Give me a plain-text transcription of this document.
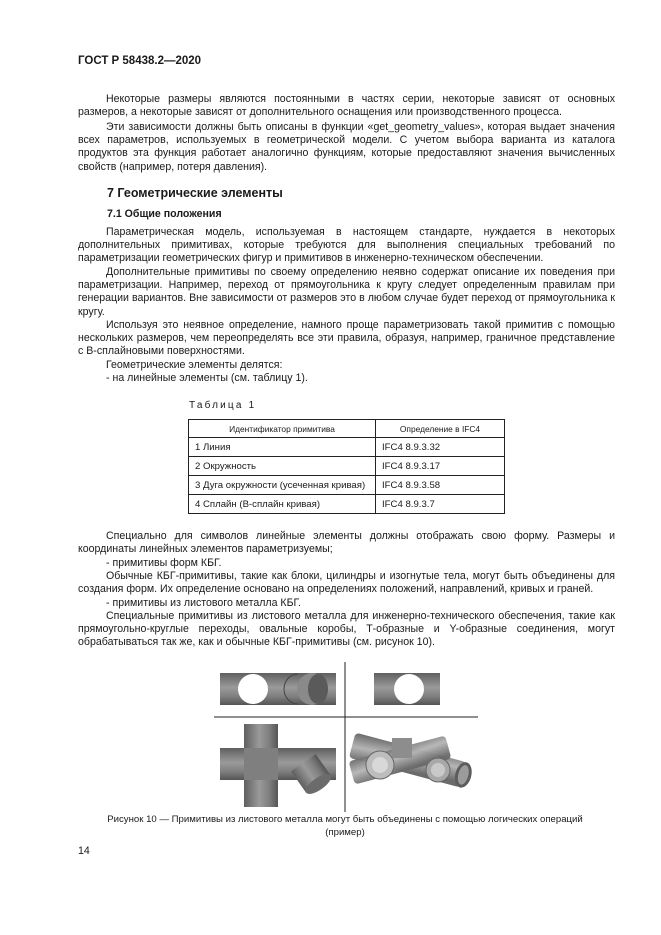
ГОСТ Р 58438.2—2020

Некоторые размеры являются постоянными в частях серии, некоторые зависят от основных размеров, а некоторые зависят от дополнительного оснащения или производственного процесса.

Эти зависимости должны быть описаны в функции «get_geometry_values», которая выдает значения всех параметров, используемых в геометрической модели. С учетом выбора варианта из каталога продуктов эта функция работает аналогично функциям, которые предоставляют значения вычисленных свойств (например, потеря давления).

7 Геометрические элементы
7.1 Общие положения

Параметрическая модель, используемая в настоящем стандарте, нуждается в некоторых дополнительных примитивах, которые требуются для выполнения специальных требований по параметризации геометрических фигур и примитивов в инженерно-техническом обеспечении.

Дополнительные примитивы по своему определению неявно содержат описание их поведения при параметризации. Например, переход от прямоугольника к кругу следует определенным правилам при генерации вариантов. Вне зависимости от размеров это в любом случае будет переход от прямоугольника к кругу.

Используя это неявное определение, намного проще параметризовать такой примитив с помощью нескольких размеров, чем переопределять все эти правила, образуя, например, граничное представление с В-сплайновыми поверхностями.

Геометрические элементы делятся:

- на линейные элементы (см. таблицу 1).

Таблица 1
Идентификатор примитива	Определение в IFC4
1 Линия	IFC4 8.9.3.32
2 Окружность	IFC4 8.9.3.17
3 Дуга окружности (усеченная кривая)	IFC4 8.9.3.58
4 Сплайн (В-сплайн кривая)	IFC4 8.9.3.7

Специально для символов линейные элементы должны отображать свою форму. Размеры и координаты линейных элементов параметризуемы;

- примитивы форм КБГ.

Обычные КБГ-примитивы, такие как блоки, цилиндры и изогнутые тела, могут быть объединены для создания форм. Их определение основано на определениях положений, направлений, кривых и граней.

- примитивы из листового металла КБГ.

Специальные примитивы из листового металла для инженерно-технического обеспечения, такие как прямоугольно-круглые переходы, овальные коробы, Т-образные и Y-образные соединения, могут обрабатываться так же, как и обычные КБГ-примитивы (см. рисунок 10).

Рисунок 10 — Примитивы из листового металла могут быть объединены с помощью логических операций
(пример)
14
